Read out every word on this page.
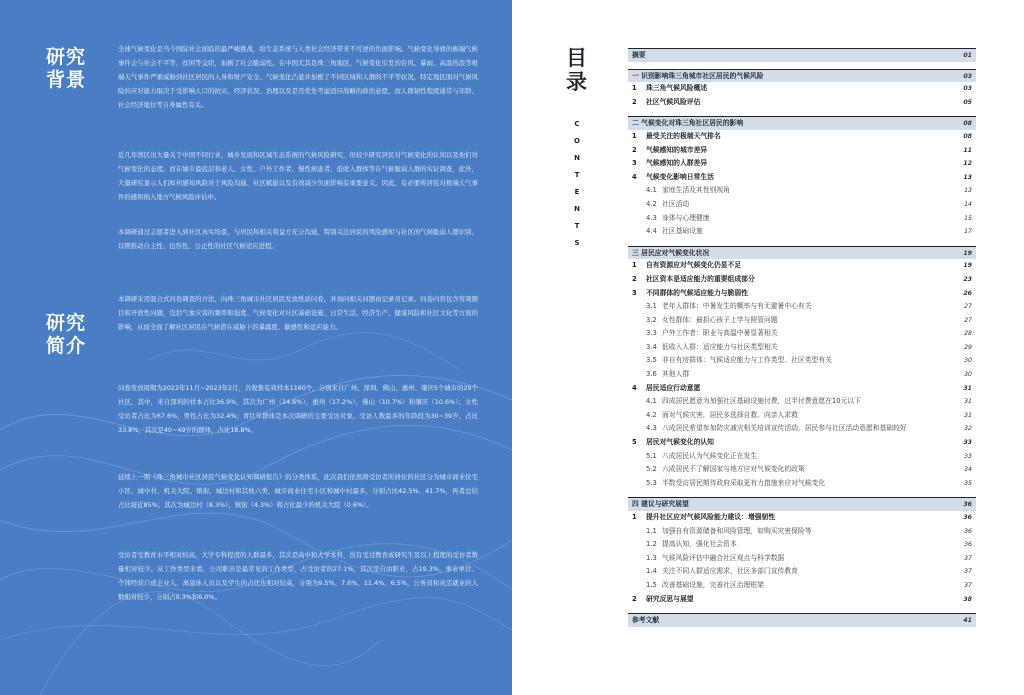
研究
背景
全球气候变化是当今国际社会面临的最严峻挑战，给生态系统与人类社会经济带来不可逆的负面影响。气候变化导致的极端气候事件会与社会不平等、贫困等交织，加剧了社会脆弱性。在中国尤其是珠三角地区，气候变化引发的台风、暴雨、高温热浪等极端天气事件严重威胁到社区居民的人身和财产安全。气候变化凸显并加剧了不同区域和人群的不平等状况，特定地区面对气候风险的应对能力取决于受影响人口的抗灾、经济状况、治理以及是否优先考虑适应战略的政治意愿，而人群韧性程度通常与年龄、社会经济地位等自身属性有关。
近几年湾区出大量关于中国不同行业、城乡发展和区域生态系统的气候风险研究，但较少研究居民对气候变化的认知以及他们对气候变化的态度。而在城市最底层和老人、女性、户外工作者、慢性病患者、低收入群体等在气候脆弱人群的实证调查，此外，大量研究显示人们如何感知风险对于风险沟通、社区赋能以及有效减少负面影响有重要意义。因此，有必要将居民对极端天气事件的感知纳入地方气候风险评估中。
本调研通过志愿者进入到社区真实场景，与居民和相关利益方充分沟通，特别关注居民的风险感知与社区的气候脆弱人群识别，以期推动自主性、包容性、公正性的社区气候适应进程。
研究
简介
本调研采用混合式问卷调查的方法，向珠三角城市社区居民发放纸质问卷，并询问相关问题由记录员记录。问卷内容包含客观题目和开放性问题，包括气象灾害的频率和强度、气候变化对社区基础设施、日常生活、经济生产、健康风险和社区文化等方面的影响，从而全面了解社区居民在气候潜在威胁下的暴露度、敏感性和适应能力。
问卷发放周期为2022年11月~2023年2月，共收集有效样本1160个，分别来自广州、深圳、佛山、惠州、肇庆5个城市的29个社区，其中，来自深圳的样本占比36.9%，其次为广州（24.6%），惠州（17.2%），佛山（10.7%）和肇庆（10.6%）；女性受访者占比为67.6%，男性占比为32.4%；青壮年群体是本次调研的主要受访对象，受访人数最多的年龄段为30~39岁，占比33.8%，其次是40~49岁的群体，占比18.8%。
延续上一期《珠三角城市社区居民气候变化认知调研报告》的分类体系，此次我们依然将受访者所居住的社区分为城市商业住宅小区、城中村、机关大院、镇街、城边村和其他六类，城市商业住宅小区和城中村最多，分别占比42.5%、41.7%，再者总结占比接近85%；其次为城边村（8.3%），镇街（4.3%）和占比最少的机关大院（0.6%）。
受访者受教育水平相对较高，大学专科程度的人群最多，其次是高中和大学本科，没有受过教育或研究生及以上程度的受访者数量相对较少。从工作类型来看，公司职员是最常见的工作类型，占受访者的27.1%，其次是自由职业，占19.3%，事业单位、个体经营户或企业人、离退休人员以及学生的占比也相对较高，分别为9.5%、7.6%、11.4%、6.5%，公务员和灵活就业的人数相对较少，分别占0.3%和6.0%。
目
录
C
O
N
T
E
N
T
S
摘要	01
一 识别影响珠三角城市社区居民的气候风险	03
1 珠三角气候风险概述	03
2 社区气候风险评估	05
二 气候变化对珠三角社区居民的影响	08
1 最受关注的极端天气排名	08
2 气候感知的城市差异	11
3 气候感知的人群差异	12
4 气候变化影响日常生活	13
4.1 家庭生活及其性别视角	13
4.2 社区活动	14
4.3 身体与心理健康	15
4.4 社区基础设施	17
三 居民应对气候变化状况	19
1 自有资源应对气候变化仍显不足	19
2 社区资本是适应能力的重要组成部分	23
3 不同群体的气候适应能力与脆弱性	26
3.1 老年人群体：中暑发生的概率与有无避暑中心有关	27
3.2 女性群体：最担心孩子上学与照管问题	27
3.3 户外工作者：职业与高温中暑显著相关	28
3.4 低收入人群：适应能力与社区类型相关	29
3.5 非自有房群体：气候适应能力与工作类型、社区类型有关	30
3.6 其他人群	30
4 居民适应行动意愿	31
4.1 四成居民愿意为加强社区基础设施付费，过半付费意愿在10元以下	31
4.2 面对气候灾害，居民多选择自救、向亲人求救	31
4.3 八成居民希望参加防灾减灾相关培训宣传活动，居民参与社区活动意愿和基础较好	32
5 居民对气候变化的认知	33
5.1 八成居民认为气候变化正在发生	33
5.2 六成居民不了解国家与地方应对气候变化的政策	34
5.3 半数受访居民期待政府采取更有力措施来应对气候变化	35
四 建议与研究展望	36
1 提升社区应对气候风险能力建议：增强韧性	36
1.1 加强自有资源储备和风险管理，如购买灾害保险等	36
1.2 提高认知，强化社会资本	36
1.3 气候风险评估中融合社区观点与科学数据	37
1.4 关注不同人群适应需求，社区多部门宣传教育	37
1.5 改善基础设施，完善社区治理框架	37
2 研究反思与展望	38
参考文献	41
